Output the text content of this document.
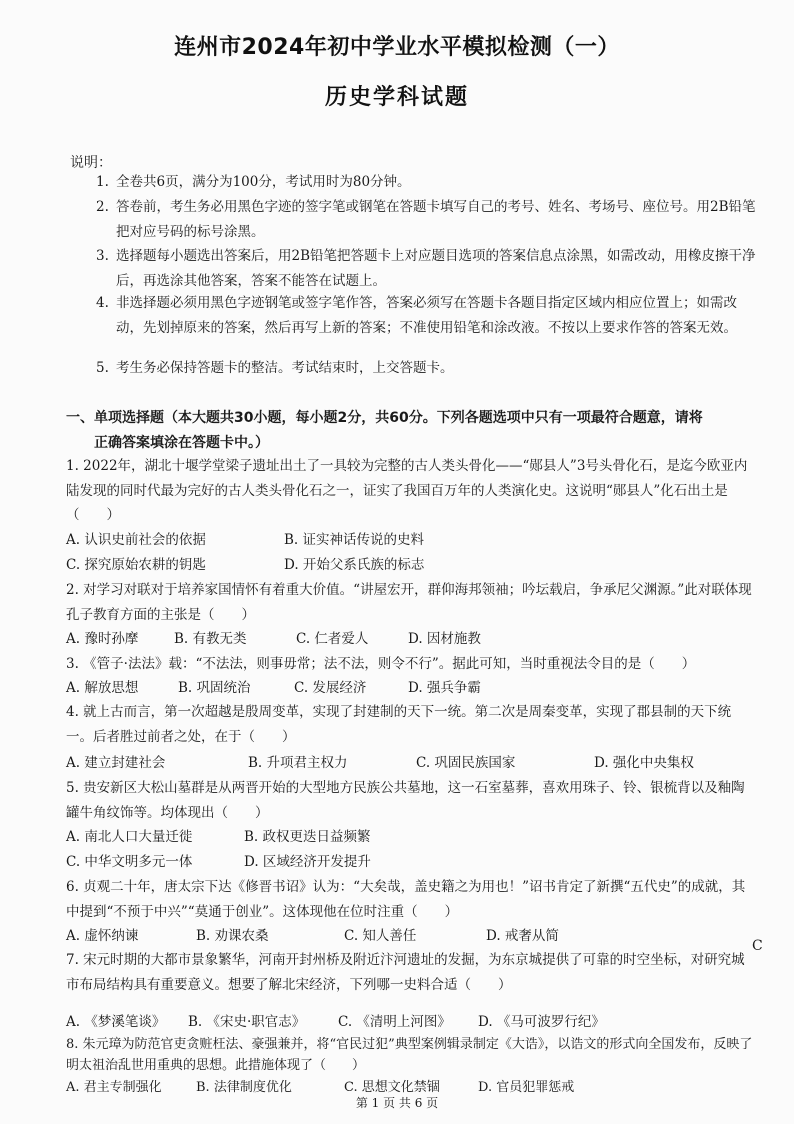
连州市2024年初中学业水平模拟检测（一）
历史学科试题
说明：
1. 全卷共6页，满分为100分，考试用时为80分钟。
2. 答卷前，考生务必用黑色字迹的签字笔或钢笔在答题卡填写自己的考号、姓名、考场号、座位号。用2B铅笔把对应号码的标号涂黑。
3. 选择题每小题选出答案后，用2B铅笔把答题卡上对应题目选项的答案信息点涂黑，如需改动，用橡皮擦干净后，再选涂其他答案，答案不能答在试题上。
4. 非选择题必须用黑色字迹钢笔或签字笔作答，答案必须写在答题卡各题目指定区域内相应位置上；如需改动，先划掉原来的答案，然后再写上新的答案；不准使用铅笔和涂改液。不按以上要求作答的答案无效。
5. 考生务必保持答题卡的整洁。考试结束时，上交答题卡。
一、单项选择题（本大题共30小题，每小题2分，共60分。下列各题选项中只有一项最符合题意，请将
正确答案填涂在答题卡中。）
1. 2022年，湖北十堰学堂梁子遗址出土了一具较为完整的古人类头骨化——“郧县人”3号头骨化石，是迄今欧亚内陆发现的同时代最为完好的古人类头骨化石之一，证实了我国百万年的人类演化史。这说明“郧县人”化石出土是（　　）
A. 认识史前社会的依据	B. 证实神话传说的史料
C. 探究原始农耕的钥匙	D. 开始父系氏族的标志
2. 对学习对联对于培养家国情怀有着重大价值。“讲屋宏开，群仰海邦领袖；吟坛载启，争承尼父渊源。”此对联体现孔子教育方面的主张是（　　）
A. 豫时孙摩	B. 有教无类	C. 仁者爱人	D. 因材施教
3. 《管子·法法》载：“不法法，则事毋常；法不法，则令不行”。据此可知，当时重视法令目的是（　　）
A. 解放思想	B. 巩固统治	C. 发展经济	D. 强兵争霸
4. 就上古而言，第一次超越是殷周变革，实现了封建制的天下一统。第二次是周秦变革，实现了郡县制的天下统一。后者胜过前者之处，在于（　　）
A. 建立封建社会	B. 升项君主权力	C. 巩固民族国家	D. 强化中央集权
5. 贵安新区大松山墓群是从两晋开始的大型地方民族公共墓地，这一石室墓葬，喜欢用珠子、铃、银梳背以及釉陶罐牛角纹饰等。均体现出（　　）
A. 南北人口大量迁徙	B. 政权更迭日益频繁
C. 中华文明多元一体	D. 区域经济开发提升
6. 贞观二十年，唐太宗下达《修晋书诏》认为：“大矣哉，盖史籍之为用也！”诏书肯定了新撰“五代史”的成就，其中提到“不预于中兴”“莫通于创业”。这体现他在位时注重（　　）
A. 虚怀纳谏	B. 劝课农桑	C. 知人善任	D. 戒奢从简
7. 宋元时期的大都市景象繁华，河南开封州桥及附近汴河遗址的发掘，为东京城提供了可靠的时空坐标，对研究城市布局结构具有重要意义。想要了解北宋经济，下列哪一史料合适（　　）
A. 《梦溪笔谈》 B. 《宋史·职官志》 C. 《清明上河图》 D. 《马可波罗行纪》
8. 朱元璋为防范官吏贪赃枉法、豪强兼并，将“官民过犯”典型案例辑录制定《大诰》，以诰文的形式向全国发布，反映了明太祖治乱世用重典的思想。此措施体现了（　　）
A. 君主专制强化	B. 法律制度优化	C. 思想文化禁锢	D. 官员犯罪惩戒
C
第 1 页 共 6 页
